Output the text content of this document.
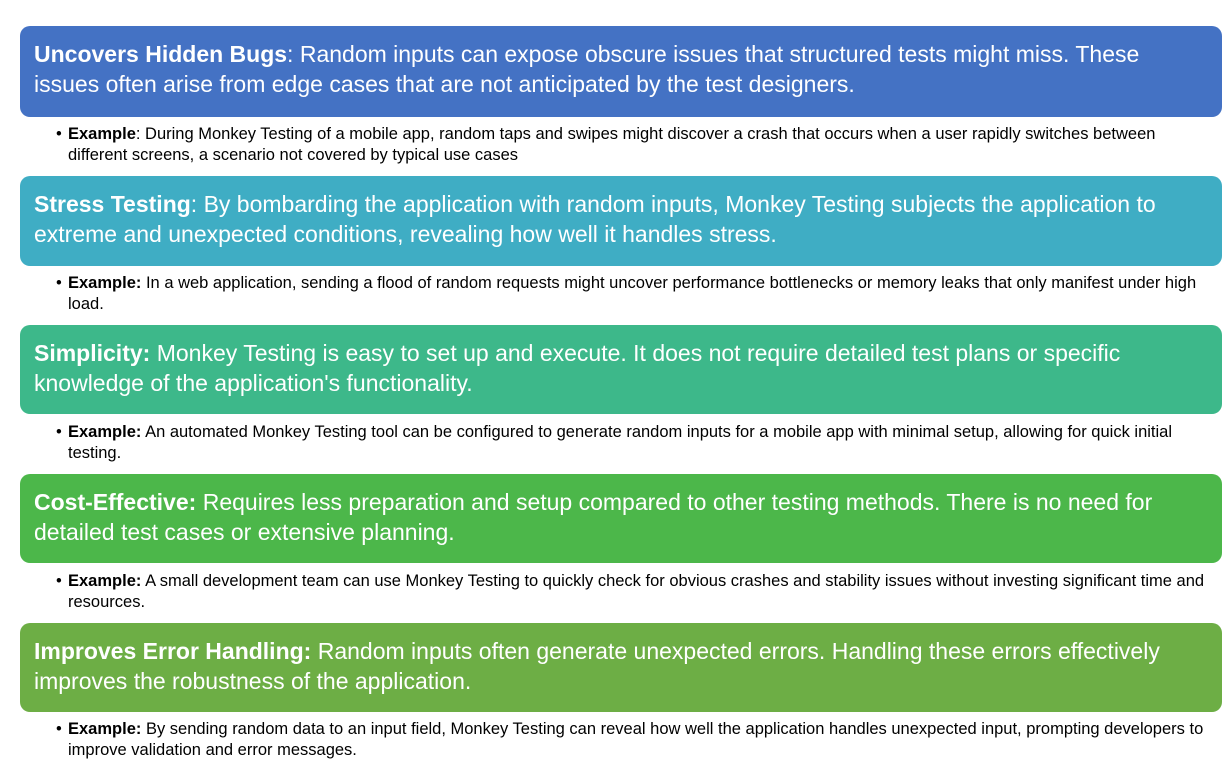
Uncovers Hidden Bugs: Random inputs can expose obscure issues that structured tests might miss. These issues often arise from edge cases that are not anticipated by the test designers.
• Example: During Monkey Testing of a mobile app, random taps and swipes might discover a crash that occurs when a user rapidly switches between different screens, a scenario not covered by typical use cases
Stress Testing: By bombarding the application with random inputs, Monkey Testing subjects the application to extreme and unexpected conditions, revealing how well it handles stress.
• Example: In a web application, sending a flood of random requests might uncover performance bottlenecks or memory leaks that only manifest under high load.
Simplicity: Monkey Testing is easy to set up and execute. It does not require detailed test plans or specific knowledge of the application's functionality.
• Example: An automated Monkey Testing tool can be configured to generate random inputs for a mobile app with minimal setup, allowing for quick initial testing.
Cost-Effective: Requires less preparation and setup compared to other testing methods. There is no need for detailed test cases or extensive planning.
• Example: A small development team can use Monkey Testing to quickly check for obvious crashes and stability issues without investing significant time and resources.
Improves Error Handling: Random inputs often generate unexpected errors. Handling these errors effectively improves the robustness of the application.
• Example: By sending random data to an input field, Monkey Testing can reveal how well the application handles unexpected input, prompting developers to improve validation and error messages.
